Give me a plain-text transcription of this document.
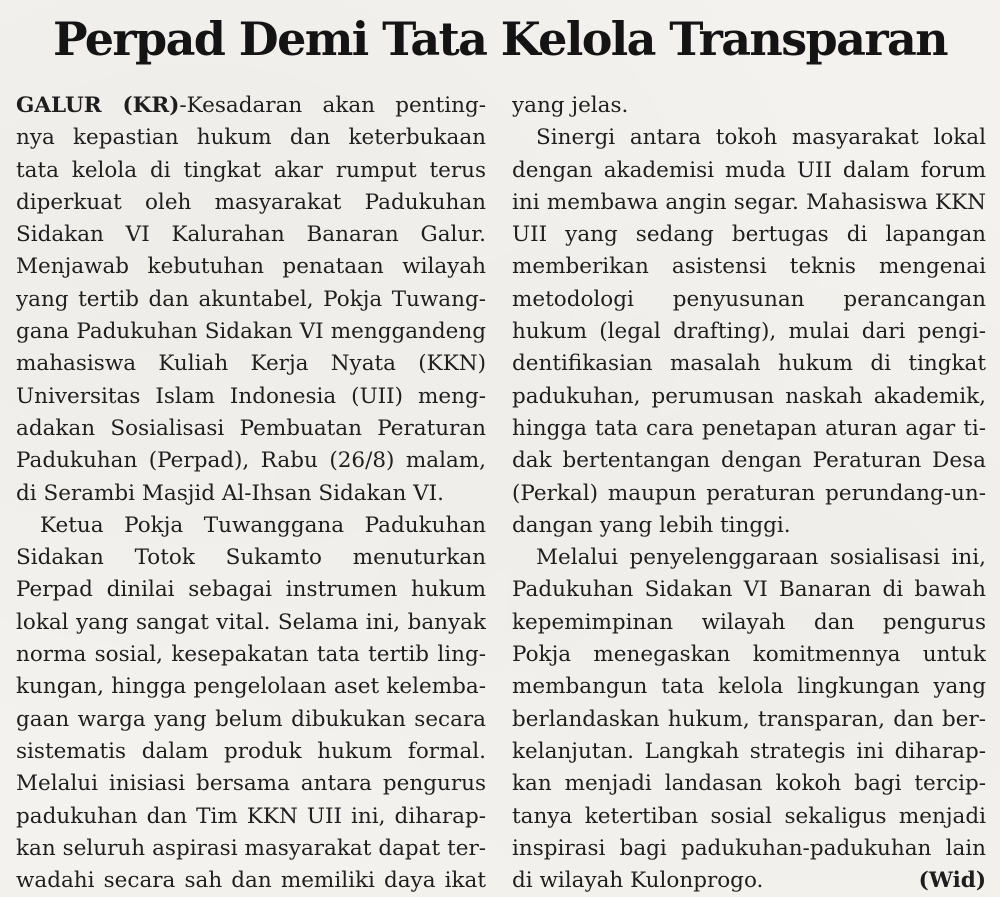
Perpad Demi Tata Kelola Transparan
GALUR (KR)-Kesadaran akan penting-
nya kepastian hukum dan keterbukaan
tata kelola di tingkat akar rumput terus
diperkuat oleh masyarakat Padukuhan
Sidakan VI Kalurahan Banaran Galur.
Menjawab kebutuhan penataan wilayah
yang tertib dan akuntabel, Pokja Tuwang-
gana Padukuhan Sidakan VI menggandeng
mahasiswa Kuliah Kerja Nyata (KKN)
Universitas Islam Indonesia (UII) meng-
adakan Sosialisasi Pembuatan Peraturan
Padukuhan (Perpad), Rabu (26/8) malam,
di Serambi Masjid Al-Ihsan Sidakan VI.
Ketua Pokja Tuwanggana Padukuhan
Sidakan Totok Sukamto menuturkan
Perpad dinilai sebagai instrumen hukum
lokal yang sangat vital. Selama ini, banyak
norma sosial, kesepakatan tata tertib ling-
kungan, hingga pengelolaan aset kelemba-
gaan warga yang belum dibukukan secara
sistematis dalam produk hukum formal.
Melalui inisiasi bersama antara pengurus
padukuhan dan Tim KKN UII ini, diharap-
kan seluruh aspirasi masyarakat dapat ter-
wadahi secara sah dan memiliki daya ikat
yang jelas.
Sinergi antara tokoh masyarakat lokal
dengan akademisi muda UII dalam forum
ini membawa angin segar. Mahasiswa KKN
UII yang sedang bertugas di lapangan
memberikan asistensi teknis mengenai
metodologi penyusunan perancangan
hukum (legal drafting), mulai dari pengi-
dentifikasian masalah hukum di tingkat
padukuhan, perumusan naskah akademik,
hingga tata cara penetapan aturan agar ti-
dak bertentangan dengan Peraturan Desa
(Perkal) maupun peraturan perundang-un-
dangan yang lebih tinggi.
Melalui penyelenggaraan sosialisasi ini,
Padukuhan Sidakan VI Banaran di bawah
kepemimpinan wilayah dan pengurus
Pokja menegaskan komitmennya untuk
membangun tata kelola lingkungan yang
berlandaskan hukum, transparan, dan ber-
kelanjutan. Langkah strategis ini diharap-
kan menjadi landasan kokoh bagi tercip-
tanya ketertiban sosial sekaligus menjadi
inspirasi bagi padukuhan-padukuhan lain
di wilayah Kulonprogo.	(Wid)
